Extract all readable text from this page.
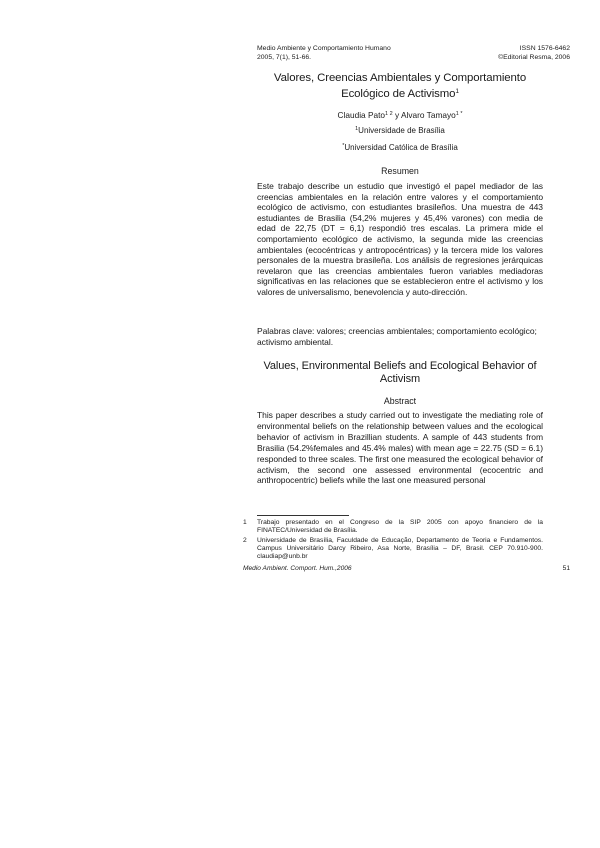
Medio Ambiente y Comportamiento Humano
2005, 7(1), 51-66.
ISSN 1576-6462
©Editorial Resma, 2006
Valores, Creencias Ambientales y Comportamiento
Ecológico de Activismo$^1$
Claudia Pato$^{1 2}$ y Alvaro Tamayo$^{1 *}$
$^1$Universidade de Brasília
*Universidad Católica de Brasília
Resumen
Este trabajo describe un estudio que investigó el papel mediador de las creencias ambientales en la relación entre valores y el comportamiento ecológico de activismo, con estudiantes brasileños. Una muestra de 443 estudiantes de Brasilia (54,2% mujeres y 45,4% varones) con media de edad de 22,75 (DT = 6,1) respondió tres escalas. La primera mide el comportamiento ecológico de activismo, la segunda mide las creencias ambientales (ecocéntricas y antropocéntricas) y la tercera mide los valores personales de la muestra brasileña. Los análisis de regresiones jerárquicas revelaron que las creencias ambientales fueron variables mediadoras significativas en las relaciones que se establecieron entre el activismo y los valores de universalismo, benevolencia y auto-dirección.
Palabras clave: valores; creencias ambientales; comportamiento ecológico; activismo ambiental.
Values, Environmental Beliefs and Ecological Behavior of Activism
Abstract
This paper describes a study carried out to investigate the mediating role of environmental beliefs on the relationship between values and the ecological behavior of activism in Brazillian students. A sample of 443 students from Brasilia (54.2%females and 45.4% males) with mean age = 22.75 (SD = 6.1) responded to three scales. The first one measured the ecological behavior of activism, the second one assessed environmental (ecocentric and anthropocentric) beliefs while the last one measured personal
1	Trabajo presentado en el Congreso de la SIP 2005 con apoyo financiero de la FINATEC/Universidad de Brasília.
2	Universidade de Brasília, Faculdade de Educação, Departamento de Teoria e Fundamentos. Campus Universitário Darcy Ribeiro, Asa Norte, Brasília – DF, Brasil. CEP 70.910-900. claudiap@unb.br
Medio Ambient. Comport. Hum.,2006	51
